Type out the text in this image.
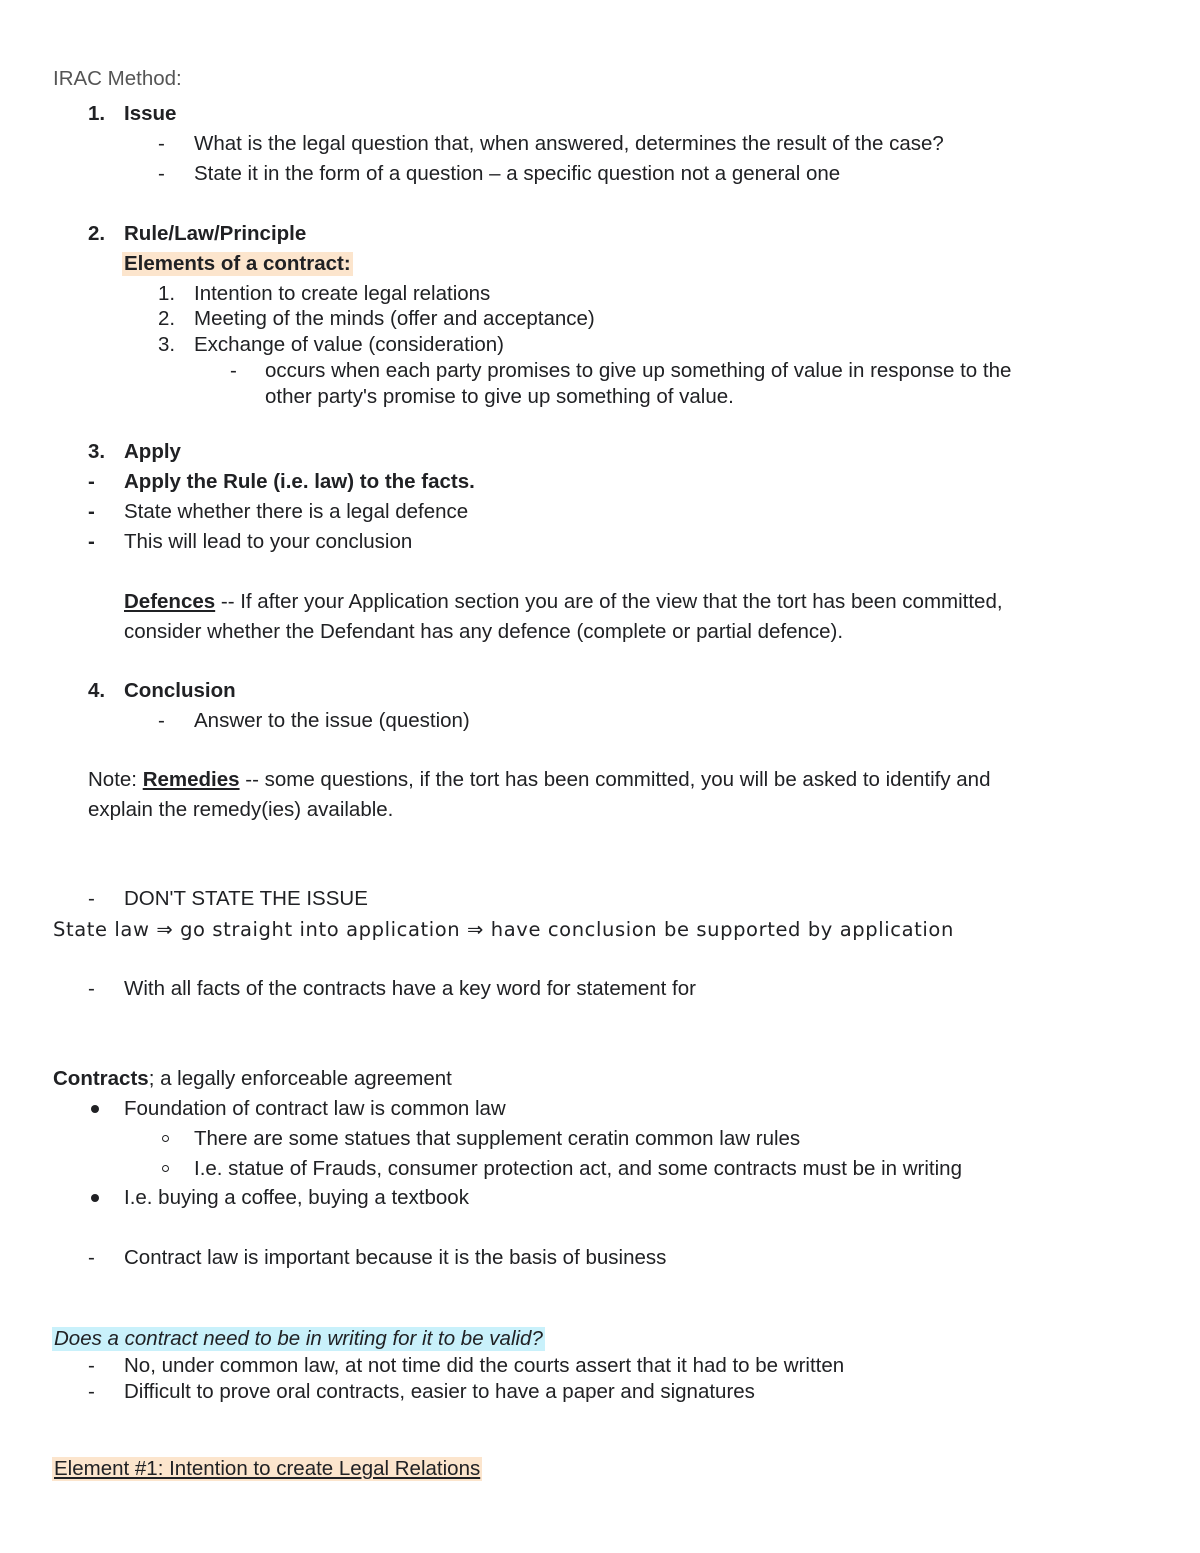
IRAC Method:
1. Issue
- What is the legal question that, when answered, determines the result of the case?
- State it in the form of a question – a specific question not a general one
2. Rule/Law/Principle
Elements of a contract:
1. Intention to create legal relations
2. Meeting of the minds (offer and acceptance)
3. Exchange of value (consideration)
- occurs when each party promises to give up something of value in response to the
other party's promise to give up something of value.
3. Apply
- Apply the Rule (i.e. law) to the facts.
- State whether there is a legal defence
- This will lead to your conclusion
Defences -- If after your Application section you are of the view that the tort has been committed,
consider whether the Defendant has any defence (complete or partial defence).
4. Conclusion
- Answer to the issue (question)
Note: Remedies -- some questions, if the tort has been committed, you will be asked to identify and
explain the remedy(ies) available.
- DON'T STATE THE ISSUE
State law ⇒ go straight into application ⇒ have conclusion be supported by application
- With all facts of the contracts have a key word for statement for
Contracts; a legally enforceable agreement
Foundation of contract law is common law
There are some statues that supplement ceratin common law rules
I.e. statue of Frauds, consumer protection act, and some contracts must be in writing
I.e. buying a coffee, buying a textbook
- Contract law is important because it is the basis of business
Does a contract need to be in writing for it to be valid?
- No, under common law, at not time did the courts assert that it had to be written
- Difficult to prove oral contracts, easier to have a paper and signatures
Element #1: Intention to create Legal Relations
